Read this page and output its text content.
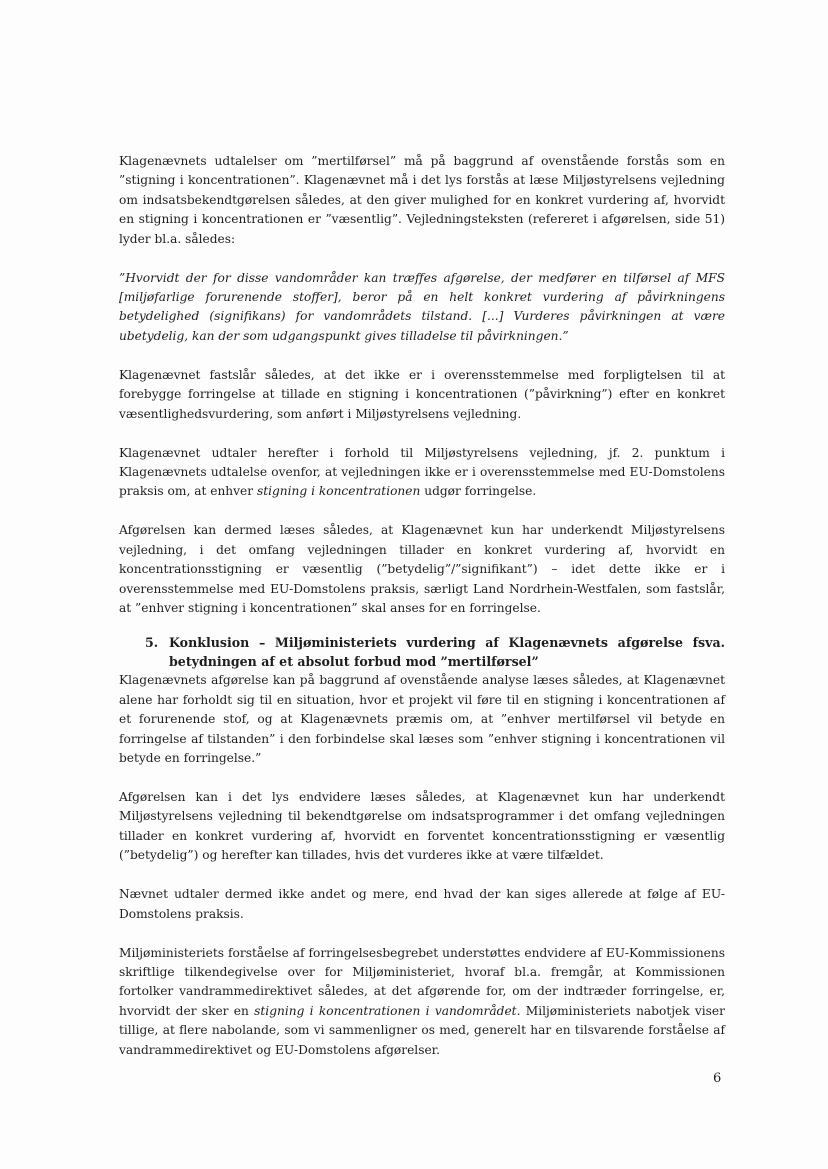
Klagenævnets udtalelser om ”mertilførsel” må på baggrund af ovenstående forstås som en ”stigning i koncentrationen”. Klagenævnet må i det lys forstås at læse Miljøstyrelsens vejledning om indsatsbekendtgørelsen således, at den giver mulighed for en konkret vurdering af, hvorvidt en stigning i koncentrationen er ”væsentlig”. Vejledningsteksten (refereret i afgørelsen, side 51) lyder bl.a. således:

”Hvorvidt der for disse vandområder kan træffes afgørelse, der medfører en tilførsel af MFS [miljøfarlige forurenende stoffer], beror på en helt konkret vurdering af påvirkningens betydelighed (signifikans) for vandområdets tilstand. [...] Vurderes påvirkningen at være ubetydelig, kan der som udgangspunkt gives tilladelse til påvirkningen.”

Klagenævnet fastslår således, at det ikke er i overensstemmelse med forpligtelsen til at forebygge forringelse at tillade en stigning i koncentrationen (”påvirkning”) efter en konkret væsentlighedsvurdering, som anført i Miljøstyrelsens vejledning.

Klagenævnet udtaler herefter i forhold til Miljøstyrelsens vejledning, jf. 2. punktum i Klagenævnets udtalelse ovenfor, at vejledningen ikke er i overensstemmelse med EU-Domstolens praksis om, at enhver stigning i koncentrationen udgør forringelse.

Afgørelsen kan dermed læses således, at Klagenævnet kun har underkendt Miljøstyrelsens vejledning, i det omfang vejledningen tillader en konkret vurdering af, hvorvidt en koncentrationsstigning er væsentlig (”betydelig”/”signifikant”) – idet dette ikke er i overensstemmelse med EU-Domstolens praksis, særligt Land Nordrhein-Westfalen, som fastslår, at ”enhver stigning i koncentrationen” skal anses for en forringelse.

5. Konklusion – Miljøministeriets vurdering af Klagenævnets afgørelse fsva. betydningen af et absolut forbud mod ”mertilførsel”

Klagenævnets afgørelse kan på baggrund af ovenstående analyse læses således, at Klagenævnet alene har forholdt sig til en situation, hvor et projekt vil føre til en stigning i koncentrationen af et forurenende stof, og at Klagenævnets præmis om, at ”enhver mertilførsel vil betyde en forringelse af tilstanden” i den forbindelse skal læses som ”enhver stigning i koncentrationen vil betyde en forringelse.”

Afgørelsen kan i det lys endvidere læses således, at Klagenævnet kun har underkendt Miljøstyrelsens vejledning til bekendtgørelse om indsatsprogrammer i det omfang vejledningen tillader en konkret vurdering af, hvorvidt en forventet koncentrationsstigning er væsentlig (”betydelig”) og herefter kan tillades, hvis det vurderes ikke at være tilfældet.

Nævnet udtaler dermed ikke andet og mere, end hvad der kan siges allerede at følge af EU-Domstolens praksis.

Miljøministeriets forståelse af forringelsesbegrebet understøttes endvidere af EU-Kommissionens skriftlige tilkendegivelse over for Miljøministeriet, hvoraf bl.a. fremgår, at Kommissionen fortolker vandrammedirektivet således, at det afgørende for, om der indtræder forringelse, er, hvorvidt der sker en stigning i koncentrationen i vandområdet. Miljøministeriets nabotjek viser tillige, at flere nabolande, som vi sammenligner os med, generelt har en tilsvarende forståelse af vandrammedirektivet og EU-Domstolens afgørelser.

6
